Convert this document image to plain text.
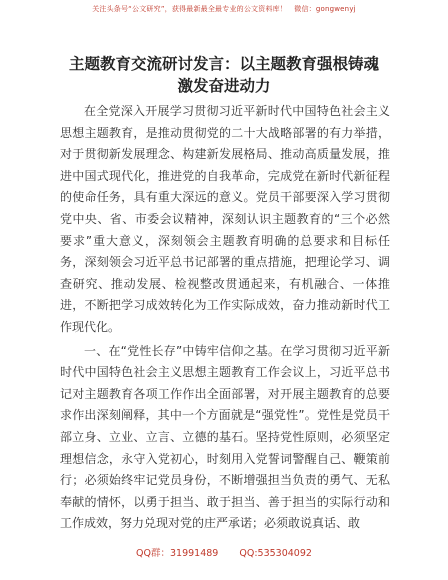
关注头条号“公文研究”，获得最新最全最专业的公文资料库！　微信：gongwenyj
主题教育交流研讨发言：以主题教育强根铸魂
激发奋进动力

在全党深入开展学习贯彻习近平新时代中国特色社会主义思想主题教育，是推动贯彻党的二十大战略部署的有力举措，对于贯彻新发展理念、构建新发展格局、推动高质量发展，推进中国式现代化，推进党的自我革命，完成党在新时代新征程的使命任务，具有重大深远的意义。党员干部要深入学习贯彻党中央、省、市委会议精神，深刻认识主题教育的“三个必然要求”重大意义，深刻领会主题教育明确的总要求和目标任务，深刻领会习近平总书记部署的重点措施，把理论学习、调查研究、推动发展、检视整改贯通起来，有机融合、一体推进，不断把学习成效转化为工作实际成效，奋力推动新时代工作现代化。

一、在“党性长存”中铸牢信仰之基。在学习贯彻习近平新时代中国特色社会主义思想主题教育工作会议上，习近平总书记对主题教育各项工作作出全面部署，对开展主题教育的总要求作出深刻阐释，其中一个方面就是“强党性”。党性是党员干部立身、立业、立言、立德的基石。坚持党性原则，必须坚定理想信念，永守入党初心，时刻用入党誓词警醒自己、鞭策前行；必须始终牢记党员身份，不断增强担当负责的勇气、无私奉献的情怀，以勇于担当、敢于担当、善于担当的实际行动和工作成效，努力兑现对党的庄严承诺；必须敢说真话、敢

QQ群：31991489 QQ:535304092
